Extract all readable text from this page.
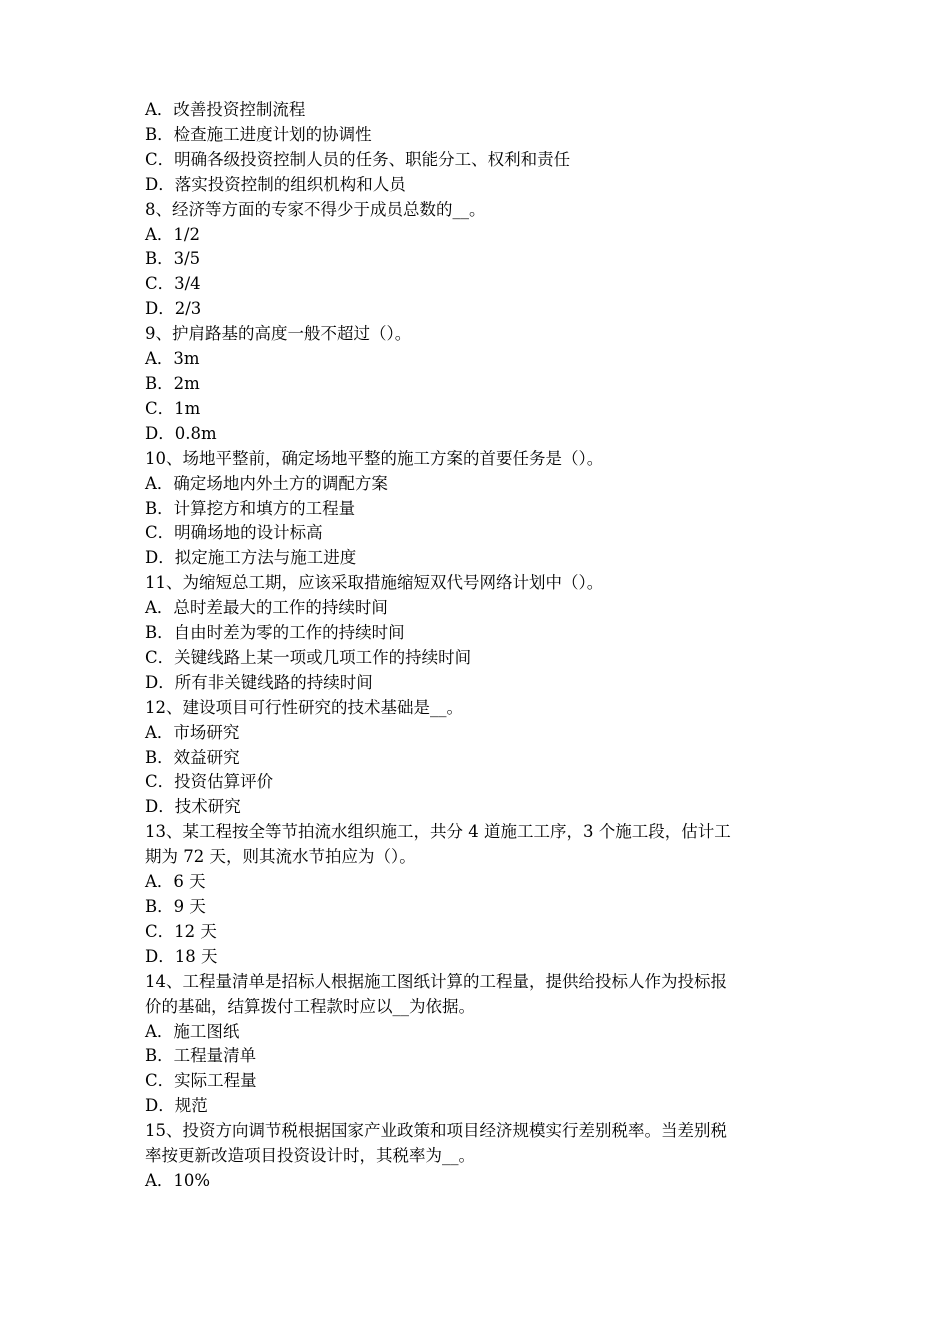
A．改善投资控制流程

B．检查施工进度计划的协调性

C．明确各级投资控制人员的任务、职能分工、权利和责任

D．落实投资控制的组织机构和人员

8、经济等方面的专家不得少于成员总数的__。

A．1/2

B．3/5

C．3/4

D．2/3

9、护肩路基的高度一般不超过（）。

A．3m

B．2m

C．1m

D．0.8m

10、场地平整前，确定场地平整的施工方案的首要任务是（）。

A．确定场地内外土方的调配方案

B．计算挖方和填方的工程量

C．明确场地的设计标高

D．拟定施工方法与施工进度

11、为缩短总工期，应该采取措施缩短双代号网络计划中（）。

A．总时差最大的工作的持续时间

B．自由时差为零的工作的持续时间

C．关键线路上某一项或几项工作的持续时间

D．所有非关键线路的持续时间

12、建设项目可行性研究的技术基础是__。

A．市场研究

B．效益研究

C．投资估算评价

D．技术研究

13、某工程按全等节拍流水组织施工，共分 4 道施工工序，3 个施工段，估计工

期为 72 天，则其流水节拍应为（）。

A．6 天

B．9 天

C．12 天

D．18 天

14、工程量清单是招标人根据施工图纸计算的工程量，提供给投标人作为投标报

价的基础，结算拨付工程款时应以__为依据。

A．施工图纸

B．工程量清单

C．实际工程量

D．规范

15、投资方向调节税根据国家产业政策和项目经济规模实行差别税率。当差别税

率按更新改造项目投资设计时，其税率为__。

A．10%
